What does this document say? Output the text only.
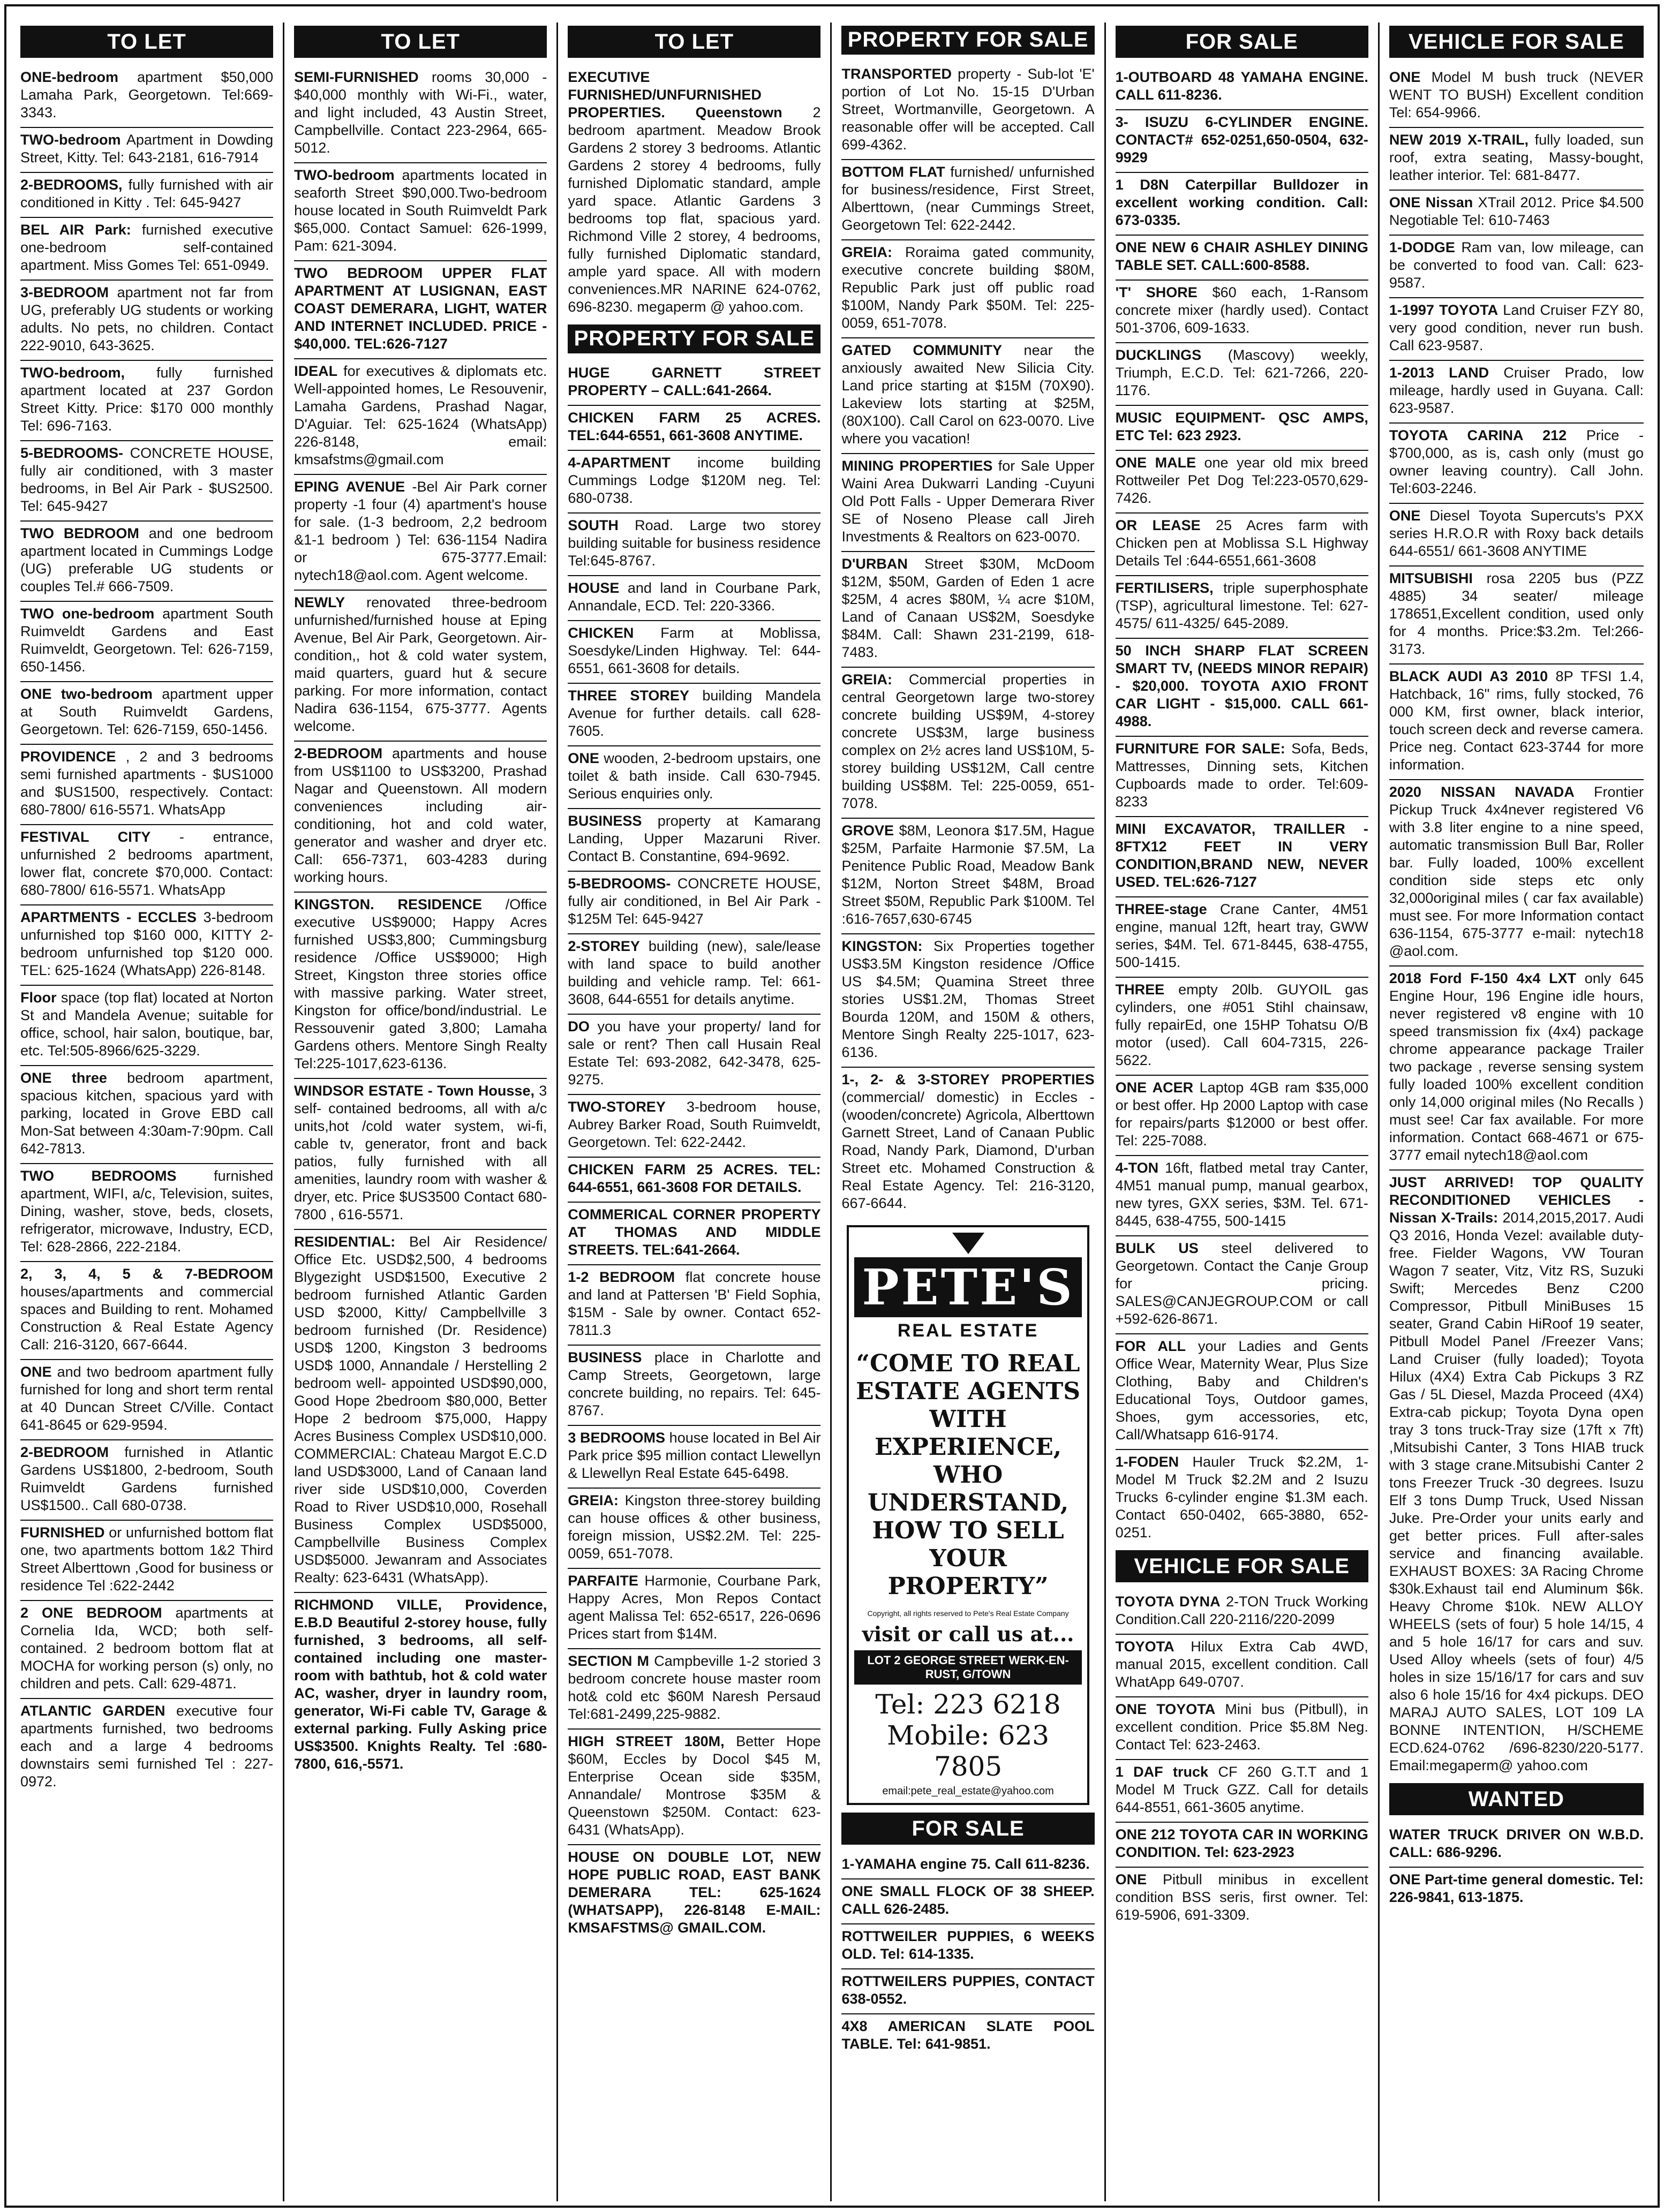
TO LET
ONE-bedroom apartment $50,000 Lamaha Park, Georgetown. Tel:669-3343.
TWO-bedroom Apartment in Dowding Street, Kitty. Tel: 643-2181, 616-7914
2-BEDROOMS, fully furnished with air conditioned in Kitty . Tel: 645-9427
BEL AIR Park: furnished executive one-bedroom self-contained apartment. Miss Gomes Tel: 651-0949.
3-BEDROOM apartment not far from UG, preferably UG students or working adults. No pets, no children. Contact 222-9010, 643-3625.
TWO-bedroom, fully furnished apartment located at 237 Gordon Street Kitty. Price: $170 000 monthly Tel: 696-7163.
5-BEDROOMS- CONCRETE HOUSE, fully air conditioned, with 3 master bedrooms, in Bel Air Park - $US2500. Tel: 645-9427
TWO BEDROOM and one bedroom apartment located in Cummings Lodge (UG) preferable UG students or couples Tel.# 666-7509.
TWO one-bedroom apartment South Ruimveldt Gardens and East Ruimveldt, Georgetown. Tel: 626-7159, 650-1456.
ONE two-bedroom apartment upper at South Ruimveldt Gardens, Georgetown. Tel: 626-7159, 650-1456.
PROVIDENCE , 2 and 3 bedrooms semi furnished apartments - $US1000 and $US1500, respectively. Contact: 680-7800/ 616-5571. WhatsApp
FESTIVAL CITY - entrance, unfurnished 2 bedrooms apartment, lower flat, concrete $70,000. Contact: 680-7800/ 616-5571. WhatsApp
APARTMENTS - ECCLES 3-bedroom unfurnished top $160 000, KITTY 2-bedroom unfurnished top $120 000. TEL: 625-1624 (WhatsApp) 226-8148.
Floor space (top flat) located at Norton St and Mandela Avenue; suitable for office, school, hair salon, boutique, bar, etc. Tel:505-8966/625-3229.
ONE three bedroom apartment, spacious kitchen, spacious yard with parking, located in Grove EBD call Mon-Sat between 4:30am-7:90pm. Call 642-7813.
TWO BEDROOMS furnished apartment, WIFI, a/c, Television, suites, Dining, washer, stove, beds, closets, refrigerator, microwave, Industry, ECD, Tel: 628-2866, 222-2184.
2, 3, 4, 5 & 7-BEDROOM houses/apartments and commercial spaces and Building to rent. Mohamed Construction & Real Estate Agency Call: 216-3120, 667-6644.
ONE and two bedroom apartment fully furnished for long and short term rental at 40 Duncan Street C/Ville. Contact 641-8645 or 629-9594.
2-BEDROOM furnished in Atlantic Gardens US$1800, 2-bedroom, South Ruimveldt Gardens furnished US$1500.. Call 680-0738.
FURNISHED or unfurnished bottom flat one, two apartments bottom 1&2 Third Street Alberttown ,Good for business or residence Tel :622-2442
2 ONE BEDROOM apartments at Cornelia Ida, WCD; both self-contained. 2 bedroom bottom flat at MOCHA for working person (s) only, no children and pets. Call: 629-4871.
ATLANTIC GARDEN executive four apartments furnished, two bedrooms each and a large 4 bedrooms downstairs semi furnished Tel : 227-0972.
TO LET
SEMI-FURNISHED rooms 30,000 - $40,000 monthly with Wi-Fi., water, and light included, 43 Austin Street, Campbellville. Contact 223-2964, 665-5012.
TWO-bedroom apartments located in seaforth Street $90,000.Two-bedroom house located in South Ruimveldt Park $65,000. Contact Samuel: 626-1999, Pam: 621-3094.
TWO BEDROOM UPPER FLAT APARTMENT AT LUSIGNAN, EAST COAST DEMERARA, LIGHT, WATER AND INTERNET INCLUDED. PRICE - $40,000. TEL:626-7127
IDEAL for executives & diplomats etc. Well-appointed homes, Le Resouvenir, Lamaha Gardens, Prashad Nagar, D'Aguiar. Tel: 625-1624 (WhatsApp) 226-8148, email: kmsafstms@gmail.com
EPING AVENUE -Bel Air Park corner property -1 four (4) apartment's house for sale. (1-3 bedroom, 2,2 bedroom &1-1 bedroom ) Tel: 636-1154 Nadira or 675-3777.Email: nytech18@aol.com. Agent welcome.
NEWLY renovated three-bedroom unfurnished/furnished house at Eping Avenue, Bel Air Park, Georgetown. Air-condition,, hot & cold water system, maid quarters, guard hut & secure parking. For more information, contact Nadira 636-1154, 675-3777. Agents welcome.
2-BEDROOM apartments and house from US$1100 to US$3200, Prashad Nagar and Queenstown. All modern conveniences including air-conditioning, hot and cold water, generator and washer and dryer etc. Call: 656-7371, 603-4283 during working hours.
KINGSTON. RESIDENCE /Office executive US$9000; Happy Acres furnished US$3,800; Cummingsburg residence /Office US$9000; High Street, Kingston three stories office with massive parking. Water street, Kingston for office/bond/industrial. Le Ressouvenir gated 3,800; Lamaha Gardens others. Mentore Singh Realty Tel:225-1017,623-6136.
WINDSOR ESTATE - Town Housse, 3 self- contained bedrooms, all with a/c units,hot /cold water system, wi-fi, cable tv, generator, front and back patios, fully furnished with all amenities, laundry room with washer & dryer, etc. Price $US3500 Contact 680-7800 , 616-5571.
RESIDENTIAL: Bel Air Residence/ Office Etc. USD$2,500, 4 bedrooms Blygezight USD$1500, Executive 2 bedroom furnished Atlantic Garden USD $2000, Kitty/ Campbellville 3 bedroom furnished (Dr. Residence) USD$ 1200, Kingston 3 bedrooms USD$ 1000, Annandale / Herstelling 2 bedroom well- appointed USD$90,000, Good Hope 2bedroom $80,000, Better Hope 2 bedroom $75,000, Happy Acres Business Complex USD$10,000. COMMERCIAL: Chateau Margot E.C.D land USD$3000, Land of Canaan land river side USD$10,000, Coverden Road to River USD$10,000, Rosehall Business Complex USD$5000, Campbellville Business Complex USD$5000. Jewanram and Associates Realty: 623-6431 (WhatsApp).
RICHMOND VILLE, Providence, E.B.D Beautiful 2-storey house, fully furnished, 3 bedrooms, all self-contained including one master-room with bathtub, hot & cold water AC, washer, dryer in laundry room, generator, Wi-Fi cable TV, Garage & external parking. Fully Asking price US$3500. Knights Realty. Tel :680-7800, 616,-5571.
TO LET
EXECUTIVE FURNISHED/UNFURNISHED PROPERTIES. Queenstown 2 bedroom apartment. Meadow Brook Gardens 2 storey 3 bedrooms. Atlantic Gardens 2 storey 4 bedrooms, fully furnished Diplomatic standard, ample yard space. Atlantic Gardens 3 bedrooms top flat, spacious yard. Richmond Ville 2 storey, 4 bedrooms, fully furnished Diplomatic standard, ample yard space. All with modern conveniences.MR NARINE 624-0762, 696-8230. megaperm @ yahoo.com.
PROPERTY FOR SALE
HUGE GARNETT STREET PROPERTY – CALL:641-2664.
CHICKEN FARM 25 ACRES. TEL:644-6551, 661-3608 ANYTIME.
4-APARTMENT income building Cummings Lodge $120M neg. Tel: 680-0738.
SOUTH Road. Large two storey building suitable for business residence Tel:645-8767.
HOUSE and land in Courbane Park, Annandale, ECD. Tel: 220-3366.
CHICKEN Farm at Moblissa, Soesdyke/Linden Highway. Tel: 644-6551, 661-3608 for details.
THREE STOREY building Mandela Avenue for further details. call 628-7605.
ONE wooden, 2-bedroom upstairs, one toilet & bath inside. Call 630-7945. Serious enquiries only.
BUSINESS property at Kamarang Landing, Upper Mazaruni River. Contact B. Constantine, 694-9692.
5-BEDROOMS- CONCRETE HOUSE, fully air conditioned, in Bel Air Park - $125M Tel: 645-9427
2-STOREY building (new), sale/lease with land space to build another building and vehicle ramp. Tel: 661-3608, 644-6551 for details anytime.
DO you have your property/ land for sale or rent? Then call Husain Real Estate Tel: 693-2082, 642-3478, 625-9275.
TWO-STOREY 3-bedroom house, Aubrey Barker Road, South Ruimveldt, Georgetown. Tel: 622-2442.
CHICKEN FARM 25 ACRES. TEL: 644-6551, 661-3608 FOR DETAILS.
COMMERICAL CORNER PROPERTY AT THOMAS AND MIDDLE STREETS. TEL:641-2664.
1-2 BEDROOM flat concrete house and land at Pattersen 'B' Field Sophia, $15M - Sale by owner. Contact 652-7811.3
BUSINESS place in Charlotte and Camp Streets, Georgetown, large concrete building, no repairs. Tel: 645-8767.
3 BEDROOMS house located in Bel Air Park price $95 million contact Llewellyn & Llewellyn Real Estate 645-6498.
GREIA: Kingston three-storey building can house offices & other business, foreign mission, US$2.2M. Tel: 225-0059, 651-7078.
PARFAITE Harmonie, Courbane Park, Happy Acres, Mon Repos Contact agent Malissa Tel: 652-6517, 226-0696 Prices start from $14M.
SECTION M Campbeville 1-2 storied 3 bedroom concrete house master room hot& cold etc $60M Naresh Persaud Tel:681-2499,225-9882.
HIGH STREET 180M, Better Hope $60M, Eccles by Docol $45 M, Enterprise Ocean side $35M, Annandale/ Montrose $35M & Queenstown $250M. Contact: 623-6431 (WhatsApp).
HOUSE ON DOUBLE LOT, NEW HOPE PUBLIC ROAD, EAST BANK DEMERARA TEL: 625-1624 (WHATSAPP), 226-8148 E-MAIL: KMSAFSTMS@ GMAIL.COM.
PROPERTY FOR SALE
TRANSPORTED property - Sub-lot 'E' portion of Lot No. 15-15 D'Urban Street, Wortmanville, Georgetown. A reasonable offer will be accepted. Call 699-4362.
BOTTOM FLAT furnished/ unfurnished for business/residence, First Street, Alberttown, (near Cummings Street, Georgetown Tel: 622-2442.
GREIA: Roraima gated community, executive concrete building $80M, Republic Park just off public road $100M, Nandy Park $50M. Tel: 225-0059, 651-7078.
GATED COMMUNITY near the anxiously awaited New Silicia City. Land price starting at $15M (70X90). Lakeview lots starting at $25M, (80X100). Call Carol on 623-0070. Live where you vacation!
MINING PROPERTIES for Sale Upper Waini Area Dukwarri Landing -Cuyuni Old Pott Falls - Upper Demerara River SE of Noseno Please call Jireh Investments & Realtors on 623-0070.
D'URBAN Street $30M, McDoom $12M, $50M, Garden of Eden 1 acre $25M, 4 acres $80M, ¼ acre $10M, Land of Canaan US$2M, Soesdyke $84M. Call: Shawn 231-2199, 618-7483.
GREIA: Commercial properties in central Georgetown large two-storey concrete building US$9M, 4-storey concrete US$3M, large business complex on 2½ acres land US$10M, 5-storey building US$12M, Call centre building US$8M. Tel: 225-0059, 651-7078.
GROVE $8M, Leonora $17.5M, Hague $25M, Parfaite Harmonie $7.5M, La Penitence Public Road, Meadow Bank $12M, Norton Street $48M, Broad Street $50M, Republic Park $100M. Tel :616-7657,630-6745
KINGSTON: Six Properties together US$3.5M Kingston residence /Office US $4.5M; Quamina Street three stories US$1.2M, Thomas Street Bourda 120M, and 150M & others, Mentore Singh Realty 225-1017, 623-6136.
1-, 2- & 3-STOREY PROPERTIES (commercial/ domestic) in Eccles - (wooden/concrete) Agricola, Alberttown Garnett Street, Land of Canaan Public Road, Nandy Park, Diamond, D'urban Street etc. Mohamed Construction & Real Estate Agency. Tel: 216-3120, 667-6644.
PETE'S
REAL ESTATE
“COME TO REAL ESTATE AGENTS WITH EXPERIENCE, WHO UNDERSTAND, HOW TO SELL YOUR PROPERTY”
Copyright, all rights reserved to Pete's Real Estate Company
visit or call us at...
LOT 2 GEORGE STREET WERK-EN-RUST, G/TOWN
Tel: 223 6218
Mobile: 623 7805
email:pete_real_estate@yahoo.com
FOR SALE
1-YAMAHA engine 75. Call 611-8236.
ONE SMALL FLOCK OF 38 SHEEP. CALL 626-2485.
ROTTWEILER PUPPIES, 6 WEEKS OLD. Tel: 614-1335.
ROTTWEILERS PUPPIES, CONTACT 638-0552.
4X8 AMERICAN SLATE POOL TABLE. Tel: 641-9851.
FOR SALE
1-OUTBOARD 48 YAMAHA ENGINE. CALL 611-8236.
3- ISUZU 6-CYLINDER ENGINE. CONTACT# 652-0251,650-0504, 632-9929
1 D8N Caterpillar Bulldozer in excellent working condition. Call: 673-0335.
ONE NEW 6 CHAIR ASHLEY DINING TABLE SET. CALL:600-8588.
'T' SHORE $60 each, 1-Ransom concrete mixer (hardly used). Contact 501-3706, 609-1633.
DUCKLINGS (Mascovy) weekly, Triumph, E.C.D. Tel: 621-7266, 220-1176.
MUSIC EQUIPMENT- QSC AMPS, ETC Tel: 623 2923.
ONE MALE one year old mix breed Rottweiler Pet Dog Tel:223-0570,629-7426.
OR LEASE 25 Acres farm with Chicken pen at Moblissa S.L Highway Details Tel :644-6551,661-3608
FERTILISERS, triple superphosphate (TSP), agricultural limestone. Tel: 627-4575/ 611-4325/ 645-2089.
50 INCH SHARP FLAT SCREEN SMART TV, (NEEDS MINOR REPAIR) - $20,000. TOYOTA AXIO FRONT CAR LIGHT - $15,000. CALL 661-4988.
FURNITURE FOR SALE: Sofa, Beds, Mattresses, Dinning sets, Kitchen Cupboards made to order. Tel:609-8233
MINI EXCAVATOR, TRAILLER - 8FTX12 FEET IN VERY CONDITION,BRAND NEW, NEVER USED. TEL:626-7127
THREE-stage Crane Canter, 4M51 engine, manual 12ft, heart tray, GWW series, $4M. Tel. 671-8445, 638-4755, 500-1415.
THREE empty 20lb. GUYOIL gas cylinders, one #051 Stihl chainsaw, fully repairEd, one 15HP Tohatsu O/B motor (used). Call 604-7315, 226-5622.
ONE ACER Laptop 4GB ram $35,000 or best offer. Hp 2000 Laptop with case for repairs/parts $12000 or best offer. Tel: 225-7088.
4-TON 16ft, flatbed metal tray Canter, 4M51 manual pump, manual gearbox, new tyres, GXX series, $3M. Tel. 671-8445, 638-4755, 500-1415
BULK US steel delivered to Georgetown. Contact the Canje Group for pricing. SALES@CANJEGROUP.COM or call +592-626-8671.
FOR ALL your Ladies and Gents Office Wear, Maternity Wear, Plus Size Clothing, Baby and Children's Educational Toys, Outdoor games, Shoes, gym accessories, etc, Call/Whatsapp 616-9174.
1-FODEN Hauler Truck $2.2M, 1-Model M Truck $2.2M and 2 Isuzu Trucks 6-cylinder engine $1.3M each. Contact 650-0402, 665-3880, 652-0251.
VEHICLE FOR SALE
TOYOTA DYNA 2-TON Truck Working Condition.Call 220-2116/220-2099
TOYOTA Hilux Extra Cab 4WD, manual 2015, excellent condition. Call WhatApp 649-0707.
ONE TOYOTA Mini bus (Pitbull), in excellent condition. Price $5.8M Neg. Contact Tel: 623-2463.
1 DAF truck CF 260 G.T.T and 1 Model M Truck GZZ. Call for details 644-8551, 661-3605 anytime.
ONE 212 TOYOTA CAR IN WORKING CONDITION. Tel: 623-2923
ONE Pitbull minibus in excellent condition BSS seris, first owner. Tel: 619-5906, 691-3309.
VEHICLE FOR SALE
ONE Model M bush truck (NEVER WENT TO BUSH) Excellent condition Tel: 654-9966.
NEW 2019 X-TRAIL, fully loaded, sun roof, extra seating, Massy-bought, leather interior. Tel: 681-8477.
ONE Nissan XTrail 2012. Price $4.500 Negotiable Tel: 610-7463
1-DODGE Ram van, low mileage, can be converted to food van. Call: 623-9587.
1-1997 TOYOTA Land Cruiser FZY 80, very good condition, never run bush. Call 623-9587.
1-2013 LAND Cruiser Prado, low mileage, hardly used in Guyana. Call: 623-9587.
TOYOTA CARINA 212 Price - $700,000, as is, cash only (must go owner leaving country). Call John. Tel:603-2246.
ONE Diesel Toyota Supercuts's PXX series H.R.O.R with Roxy back details 644-6551/ 661-3608 ANYTIME
MITSUBISHI rosa 2205 bus (PZZ 4885) 34 seater/ mileage 178651,Excellent condition, used only for 4 months. Price:$3.2m. Tel:266-3173.
BLACK AUDI A3 2010 8P TFSI 1.4, Hatchback, 16" rims, fully stocked, 76 000 KM, first owner, black interior, touch screen deck and reverse camera. Price neg. Contact 623-3744 for more information.
2020 NISSAN NAVADA Frontier Pickup Truck 4x4never registered V6 with 3.8 liter engine to a nine speed, automatic transmission Bull Bar, Roller bar. Fully loaded, 100% excellent condition side steps etc only 32,000original miles ( car fax available) must see. For more Information contact 636-1154, 675-3777 e-mail: nytech18 @aol.com.
2018 Ford F-150 4x4 LXT only 645 Engine Hour, 196 Engine idle hours, never registered v8 engine with 10 speed transmission fix (4x4) package chrome appearance package Trailer two package , reverse sensing system fully loaded 100% excellent condition only 14,000 original miles (No Recalls ) must see! Car fax available. For more information. Contact 668-4671 or 675-3777 email nytech18@aol.com
JUST ARRIVED! TOP QUALITY RECONDITIONED VEHICLES - Nissan X-Trails: 2014,2015,2017. Audi Q3 2016, Honda Vezel: available duty-free. Fielder Wagons, VW Touran Wagon 7 seater, Vitz, Vitz RS, Suzuki Swift; Mercedes Benz C200 Compressor, Pitbull MiniBuses 15 seater, Grand Cabin HiRoof 19 seater, Pitbull Model Panel /Freezer Vans; Land Cruiser (fully loaded); Toyota Hilux (4X4) Extra Cab Pickups 3 RZ Gas / 5L Diesel, Mazda Proceed (4X4) Extra-cab pickup; Toyota Dyna open tray 3 tons truck-Tray size (17ft x 7ft) ,Mitsubishi Canter, 3 Tons HIAB truck with 3 stage crane.Mitsubishi Canter 2 tons Freezer Truck -30 degrees. Isuzu Elf 3 tons Dump Truck, Used Nissan Juke. Pre-Order your units early and get better prices. Full after-sales service and financing available. EXHAUST BOXES: 3A Racing Chrome $30k.Exhaust tail end Aluminum $6k. Heavy Chrome $10k. NEW ALLOY WHEELS (sets of four) 5 hole 14/15, 4 and 5 hole 16/17 for cars and suv. Used Alloy wheels (sets of four) 4/5 holes in size 15/16/17 for cars and suv also 6 hole 15/16 for 4x4 pickups. DEO MARAJ AUTO SALES, LOT 109 LA BONNE INTENTION, H/SCHEME ECD.624-0762 /696-8230/220-5177. Email:megaperm@ yahoo.com
WANTED
WATER TRUCK DRIVER ON W.B.D. CALL: 686-9296.
ONE Part-time general domestic. Tel: 226-9841, 613-1875.
